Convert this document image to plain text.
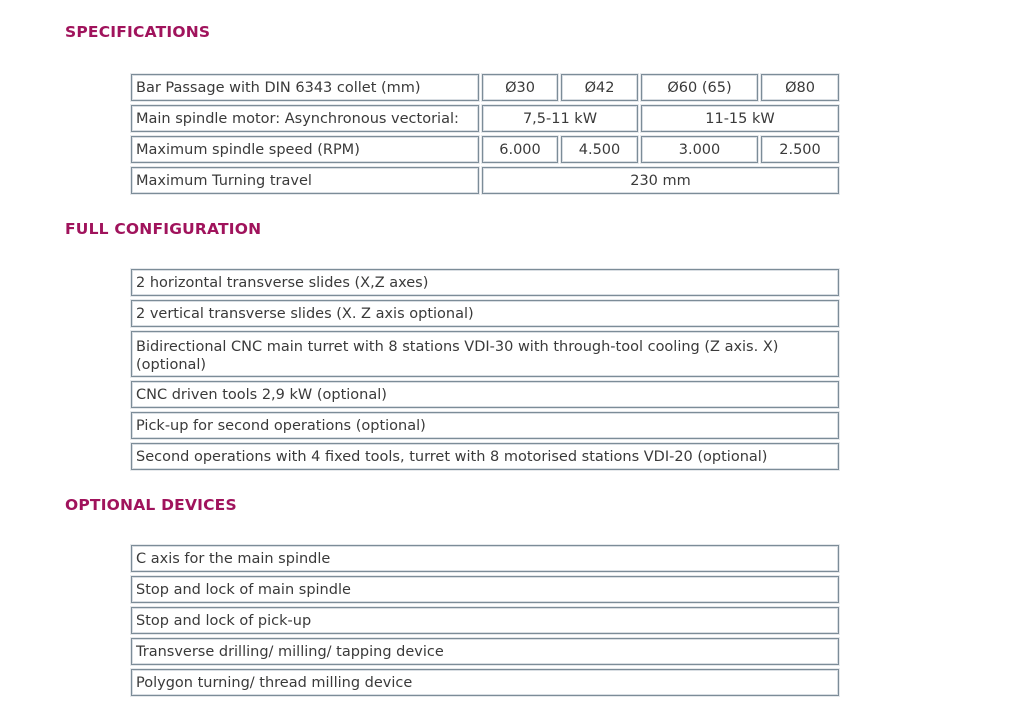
SPECIFICATIONS
Bar Passage with DIN 6343 collet (mm)	Ø30	Ø42	Ø60 (65)	Ø80
Main spindle motor: Asynchronous vectorial:	7,5-11 kW	11-15 kW
Maximum spindle speed (RPM)	6.000	4.500	3.000	2.500
Maximum Turning travel	230 mm
FULL CONFIGURATION
2 horizontal transverse slides (X,Z axes)
2 vertical transverse slides (X. Z axis optional)
Bidirectional CNC main turret with 8 stations VDI-30 with through-tool cooling (Z axis. X) (optional)
CNC driven tools 2,9 kW (optional)
Pick-up for second operations (optional)
Second operations with 4 fixed tools, turret with 8 motorised stations VDI-20 (optional)
OPTIONAL DEVICES
C axis for the main spindle
Stop and lock of main spindle
Stop and lock of pick-up
Transverse drilling/ milling/ tapping device
Polygon turning/ thread milling device
